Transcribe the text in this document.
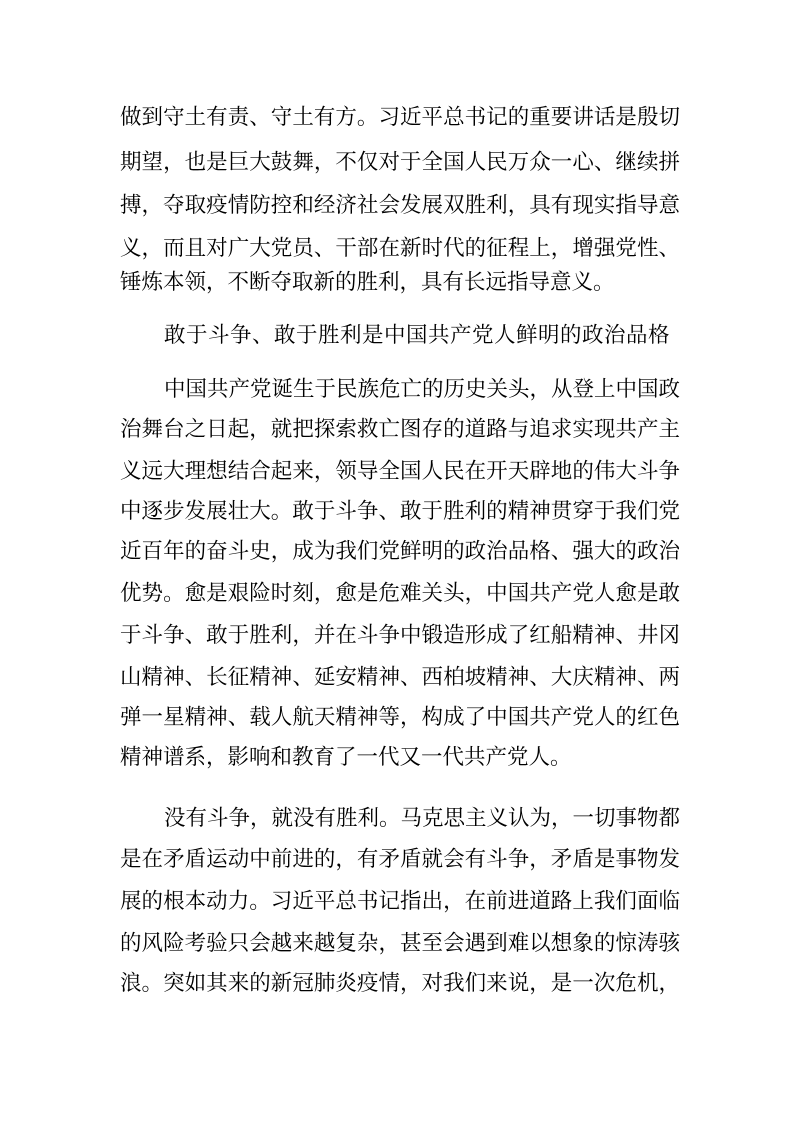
做到守土有责、守土有方。习近平总书记的重要讲话是殷切
期望，也是巨大鼓舞，不仅对于全国人民万众一心、继续拼
搏，夺取疫情防控和经济社会发展双胜利，具有现实指导意
义，而且对广大党员、干部在新时代的征程上，增强党性、
锤炼本领，不断夺取新的胜利，具有长远指导意义。
敢于斗争、敢于胜利是中国共产党人鲜明的政治品格
中国共产党诞生于民族危亡的历史关头，从登上中国政
治舞台之日起，就把探索救亡图存的道路与追求实现共产主
义远大理想结合起来，领导全国人民在开天辟地的伟大斗争
中逐步发展壮大。敢于斗争、敢于胜利的精神贯穿于我们党
近百年的奋斗史，成为我们党鲜明的政治品格、强大的政治
优势。愈是艰险时刻，愈是危难关头，中国共产党人愈是敢
于斗争、敢于胜利，并在斗争中锻造形成了红船精神、井冈
山精神、长征精神、延安精神、西柏坡精神、大庆精神、两
弹一星精神、载人航天精神等，构成了中国共产党人的红色
精神谱系，影响和教育了一代又一代共产党人。
没有斗争，就没有胜利。马克思主义认为，一切事物都
是在矛盾运动中前进的，有矛盾就会有斗争，矛盾是事物发
展的根本动力。习近平总书记指出，在前进道路上我们面临
的风险考验只会越来越复杂，甚至会遇到难以想象的惊涛骇
浪。突如其来的新冠肺炎疫情，对我们来说，是一次危机，
